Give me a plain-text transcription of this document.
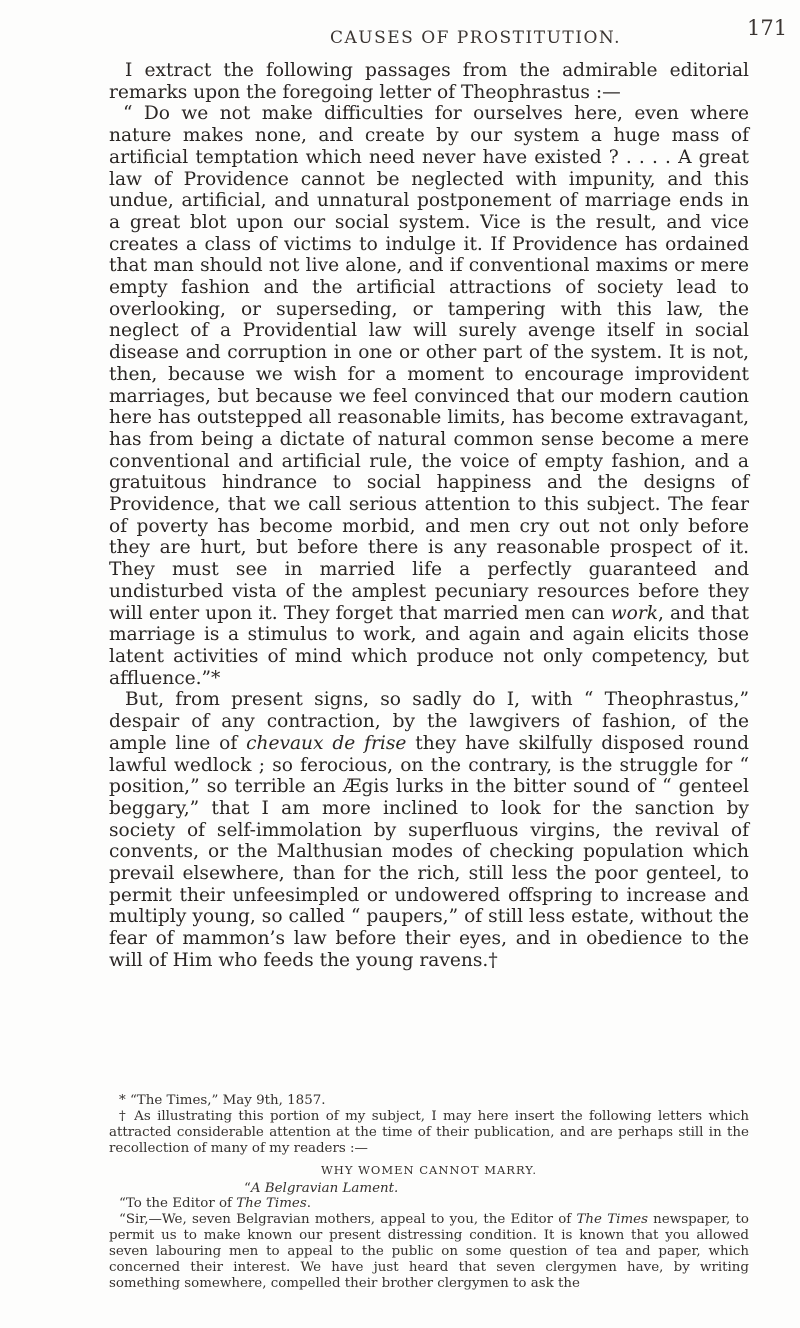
CAUSES OF PROSTITUTION.	171

I extract the following passages from the admirable editorial remarks upon the foregoing letter of Theophrastus :—

“ Do we not make difficulties for ourselves here, even where nature makes none, and create by our system a huge mass of artificial temptation which need never have existed ? . . . . A great law of Providence cannot be neglected with impunity, and this undue, artificial, and unnatural postponement of marriage ends in a great blot upon our social system. Vice is the result, and vice creates a class of victims to indulge it. If Providence has ordained that man should not live alone, and if conventional maxims or mere empty fashion and the artificial attractions of society lead to overlooking, or superseding, or tampering with this law, the neglect of a Providential law will surely avenge itself in social disease and corruption in one or other part of the system. It is not, then, because we wish for a moment to encourage improvident marriages, but because we feel convinced that our modern caution here has outstepped all reasonable limits, has become extravagant, has from being a dictate of natural common sense become a mere conventional and artificial rule, the voice of empty fashion, and a gratuitous hindrance to social happiness and the designs of Providence, that we call serious attention to this subject. The fear of poverty has become morbid, and men cry out not only before they are hurt, but before there is any reasonable prospect of it. They must see in married life a perfectly guaranteed and undisturbed vista of the amplest pecuniary resources before they will enter upon it. They forget that married men can work, and that marriage is a stimulus to work, and again and again elicits those latent activities of mind which produce not only competency, but affluence.”*

But, from present signs, so sadly do I, with “ Theophrastus,” despair of any contraction, by the lawgivers of fashion, of the ample line of chevaux de frise they have skilfully disposed round lawful wedlock ; so ferocious, on the contrary, is the struggle for “ position,” so terrible an Ægis lurks in the bitter sound of “ genteel beggary,” that I am more inclined to look for the sanction by society of self-immolation by superfluous virgins, the revival of convents, or the Malthusian modes of checking population which prevail elsewhere, than for the rich, still less the poor genteel, to permit their unfeesimpled or undowered offspring to increase and multiply young, so called “ paupers,” of still less estate, without the fear of mammon’s law before their eyes, and in obedience to the will of Him who feeds the young ravens.†

* “The Times,” May 9th, 1857.

† As illustrating this portion of my subject, I may here insert the following letters which attracted considerable attention at the time of their publication, and are perhaps still in the recollection of many of my readers :—

WHY WOMEN CANNOT MARRY.

“A Belgravian Lament.

“To the Editor of The Times.

“Sir,—We, seven Belgravian mothers, appeal to you, the Editor of The Times newspaper, to permit us to make known our present distressing condition. It is known that you allowed seven labouring men to appeal to the public on some question of tea and paper, which concerned their interest. We have just heard that seven clergymen have, by writing something somewhere, compelled their brother clergymen to ask the
